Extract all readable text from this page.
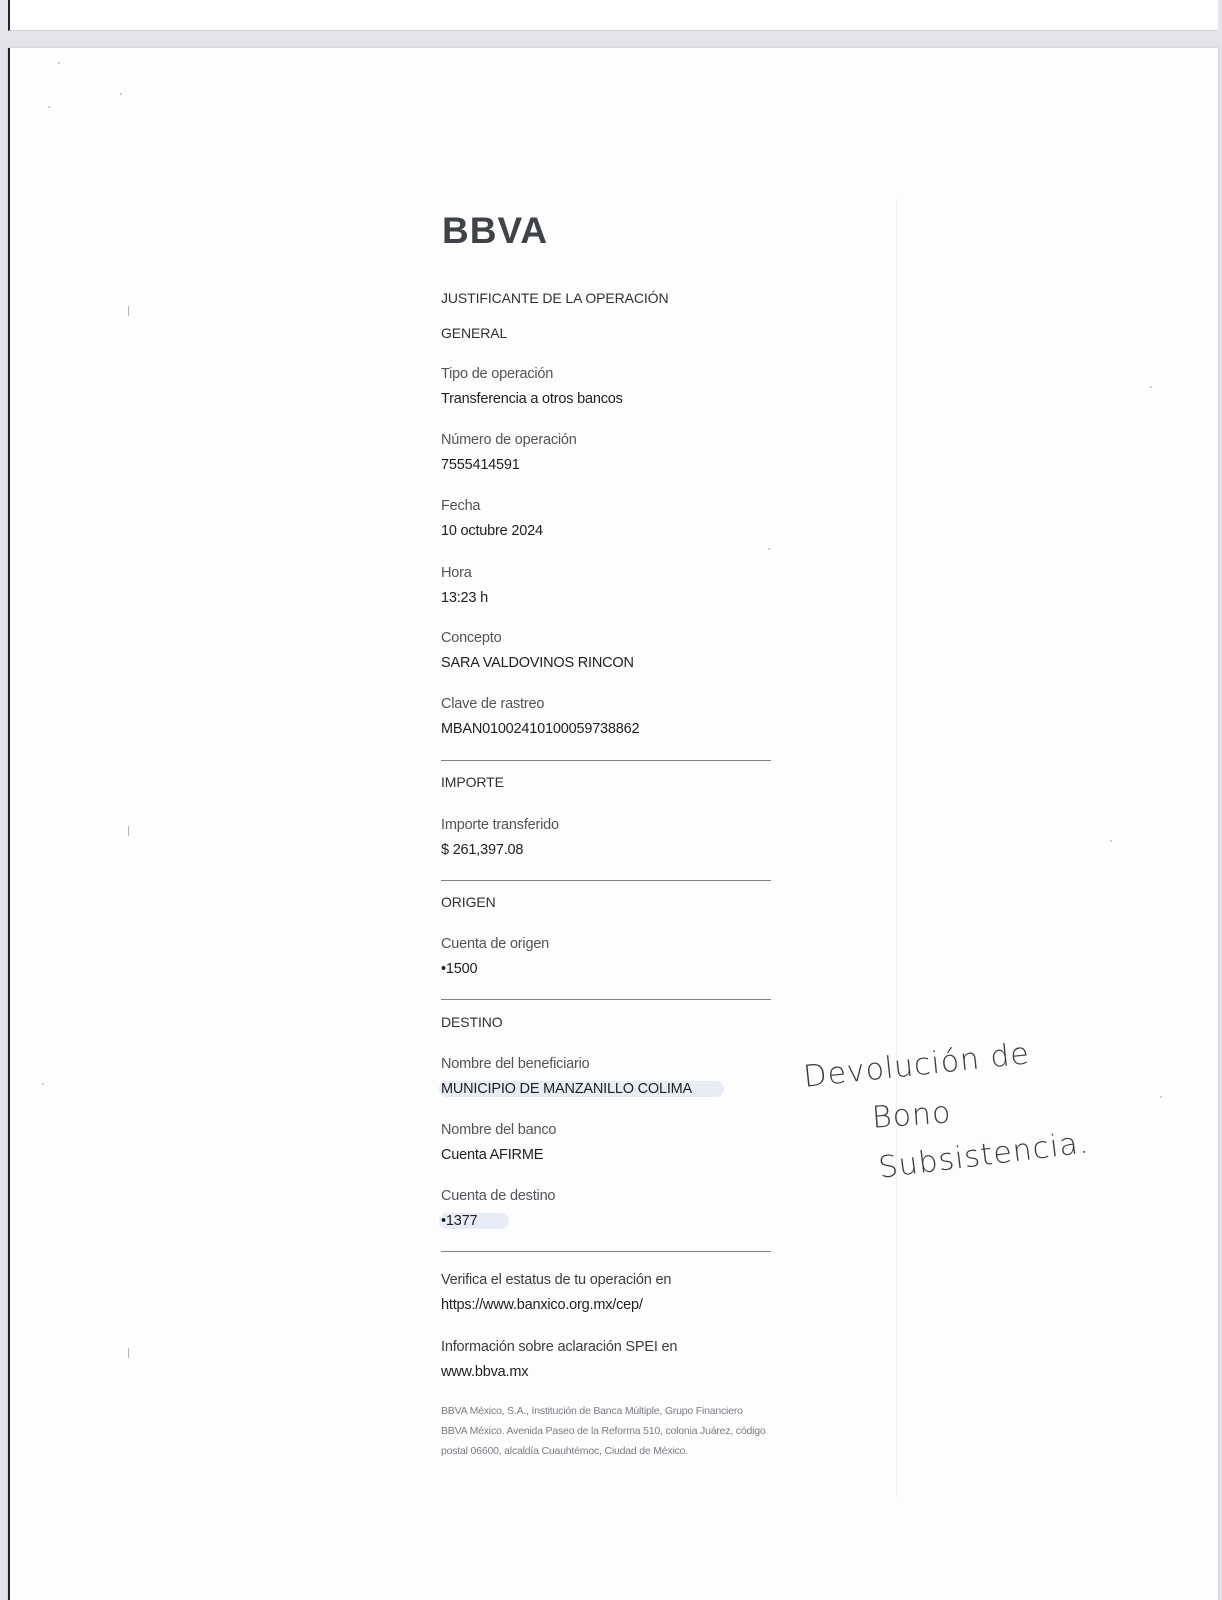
BBVA
JUSTIFICANTE DE LA OPERACIÓN
GENERAL
Tipo de operación
Transferencia a otros bancos
Número de operación
7555414591
Fecha
10 octubre 2024
Hora
13:23 h
Concepto
SARA VALDOVINOS RINCON
Clave de rastreo
MBAN01002410100059738862
IMPORTE
Importe transferido
$ 261,397.08
ORIGEN
Cuenta de origen
•1500
DESTINO
Nombre del beneficiario
MUNICIPIO DE MANZANILLO COLIMA
Nombre del banco
Cuenta AFIRME
Cuenta de destino
•1377
Verifica el estatus de tu operación en
https://www.banxico.org.mx/cep/
Información sobre aclaración SPEI en
www.bbva.mx
BBVA México, S.A., Institución de Banca Múltiple, Grupo Financiero BBVA México. Avenida Paseo de la Reforma 510, colonia Juárez, código postal 06600, alcaldía Cuauhtémoc, Ciudad de México.
Devolución de
Bono
Subsistencia.
